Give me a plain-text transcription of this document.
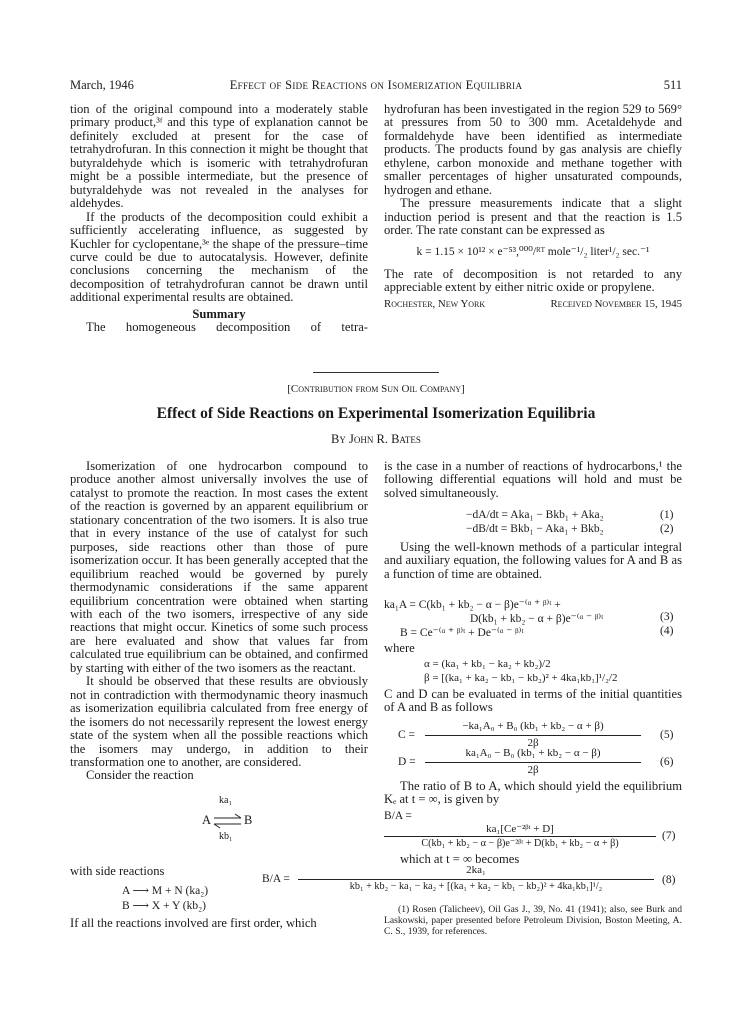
March, 1946	Effect of Side Reactions on Isomerization Equilibria	511

tion of the original compound into a moderately stable primary product,³ᶠ and this type of explanation cannot be definitely excluded at present for the case of tetrahydrofuran. In this connection it might be thought that butyraldehyde which is isomeric with tetrahydrofuran might be a possible intermediate, but the presence of butyraldehyde was not revealed in the analyses for aldehydes.

If the products of the decomposition could exhibit a sufficiently accelerating influence, as suggested by Kuchler for cyclopentane,³ᵉ the shape of the pressure–time curve could be due to autocatalysis. However, definite conclusions concerning the mechanism of the decomposition of tetrahydrofuran cannot be drawn until additional experimental results are obtained.

Summary

The homogeneous decomposition of tetra-

hydrofuran has been investigated in the region 529 to 569° at pressures from 50 to 300 mm. Acetaldehyde and formaldehyde have been identified as intermediate products. The products found by gas analysis are chiefly ethylene, carbon monoxide and methane together with smaller percentages of higher unsaturated compounds, hydrogen and ethane.

The pressure measurements indicate that a slight induction period is present and that the reaction is 1.5 order. The rate constant can be expressed as

k = 1.15 × 10¹² × e⁻⁵³,⁰⁰⁰/ᴿᵀ mole⁻¹/₂ liter¹/₂ sec.⁻¹

The rate of decomposition is not retarded to any appreciable extent by either nitric oxide or propylene.

Rochester, New York	Received November 15, 1945
[Contribution from Sun Oil Company]
Effect of Side Reactions on Experimental Isomerization Equilibria
By John R. Bates

Isomerization of one hydrocarbon compound to produce another almost universally involves the use of catalyst to promote the reaction. In most cases the extent of the reaction is governed by an apparent equilibrium or stationary concentration of the two isomers. It is also true that in every instance of the use of catalyst for such purposes, side reactions other than those of pure isomerization occur. It has been generally accepted that the equilibrium reached would be governed by purely thermodynamic considerations if the same apparent equilibrium concentration were obtained when starting with each of the two isomers, irrespective of any side reactions that might occur. Kinetics of some such process are here evaluated and show that values far from calculated true equilibrium can be obtained, and confirmed by starting with either of the two isomers as the reactant.

It should be observed that these results are obviously not in contradiction with thermodynamic theory inasmuch as isomerization equilibria calculated from free energy of the isomers do not necessarily represent the lowest energy state of the system when all the possible reactions which the isomers may undergo, in addition to their transformation one to another, are considered.

Consider the reaction

ka₁
A ⇌ B
kb₁
with side reactions
A ⟶ M + N (ka₂)
B ⟶ X + Y (kb₂)
If all the reactions involved are first order, which
is the case in a number of reactions of hydrocarbons,¹ the following differential equations will hold and must be solved simultaneously.
−dA/dt = Aka₁ − Bkb₁ + Aka₂	(1)
−dB/dt = Bkb₁ − Aka₁ + Bkb₂	(2)
Using the well-known methods of a particular integral and auxiliary equation, the following values for A and B as a function of time are obtained.
ka₁A = C(kb₁ + kb₂ − α − β)e⁻⁽ᵅ ⁺ ᵝ⁾ᵗ +
D(kb₁ + kb₂ − α + β)e⁻⁽ᵅ ⁻ ᵝ⁾ᵗ	(3)
B = Ce⁻⁽ᵅ ⁺ ᵝ⁾ᵗ + De⁻⁽ᵅ ⁻ ᵝ⁾ᵗ	(4)
where
α = (ka₁ + kb₁ − ka₂ + kb₂)/2
β = [(ka₁ + ka₂ − kb₁ − kb₂)² + 4ka₁kb₁]¹/₂/2
C and D can be evaluated in terms of the initial quantities of A and B as follows
C =
−ka₁A₀ + B₀ (kb₁ + kb₂ − α + β)
2β
(5)
D =
ka₁A₀ − B₀ (kb₁ + kb₂ − α − β)
2β
(6)
The ratio of B to A, which should yield the equilibrium Kₑ at t = ∞, is given by
B/A =
ka₁[Ce⁻²ᵝᵗ + D]
C(kb₁ + kb₂ − α − β)e⁻²ᵝᵗ + D(kb₁ + kb₂ − α + β)
(7)
which at t = ∞ becomes
B/A =
2ka₁
kb₁ + kb₂ − ka₁ − ka₂ + [(ka₁ + ka₂ − kb₁ − kb₂)² + 4ka₁kb₁]¹/₂
(8)
(1) Rosen (Talicheev), Oil Gas J., 39, No. 41 (1941); also, see Burk and Laskowski, paper presented before Petroleum Division, Boston Meeting, A. C. S., 1939, for references.
